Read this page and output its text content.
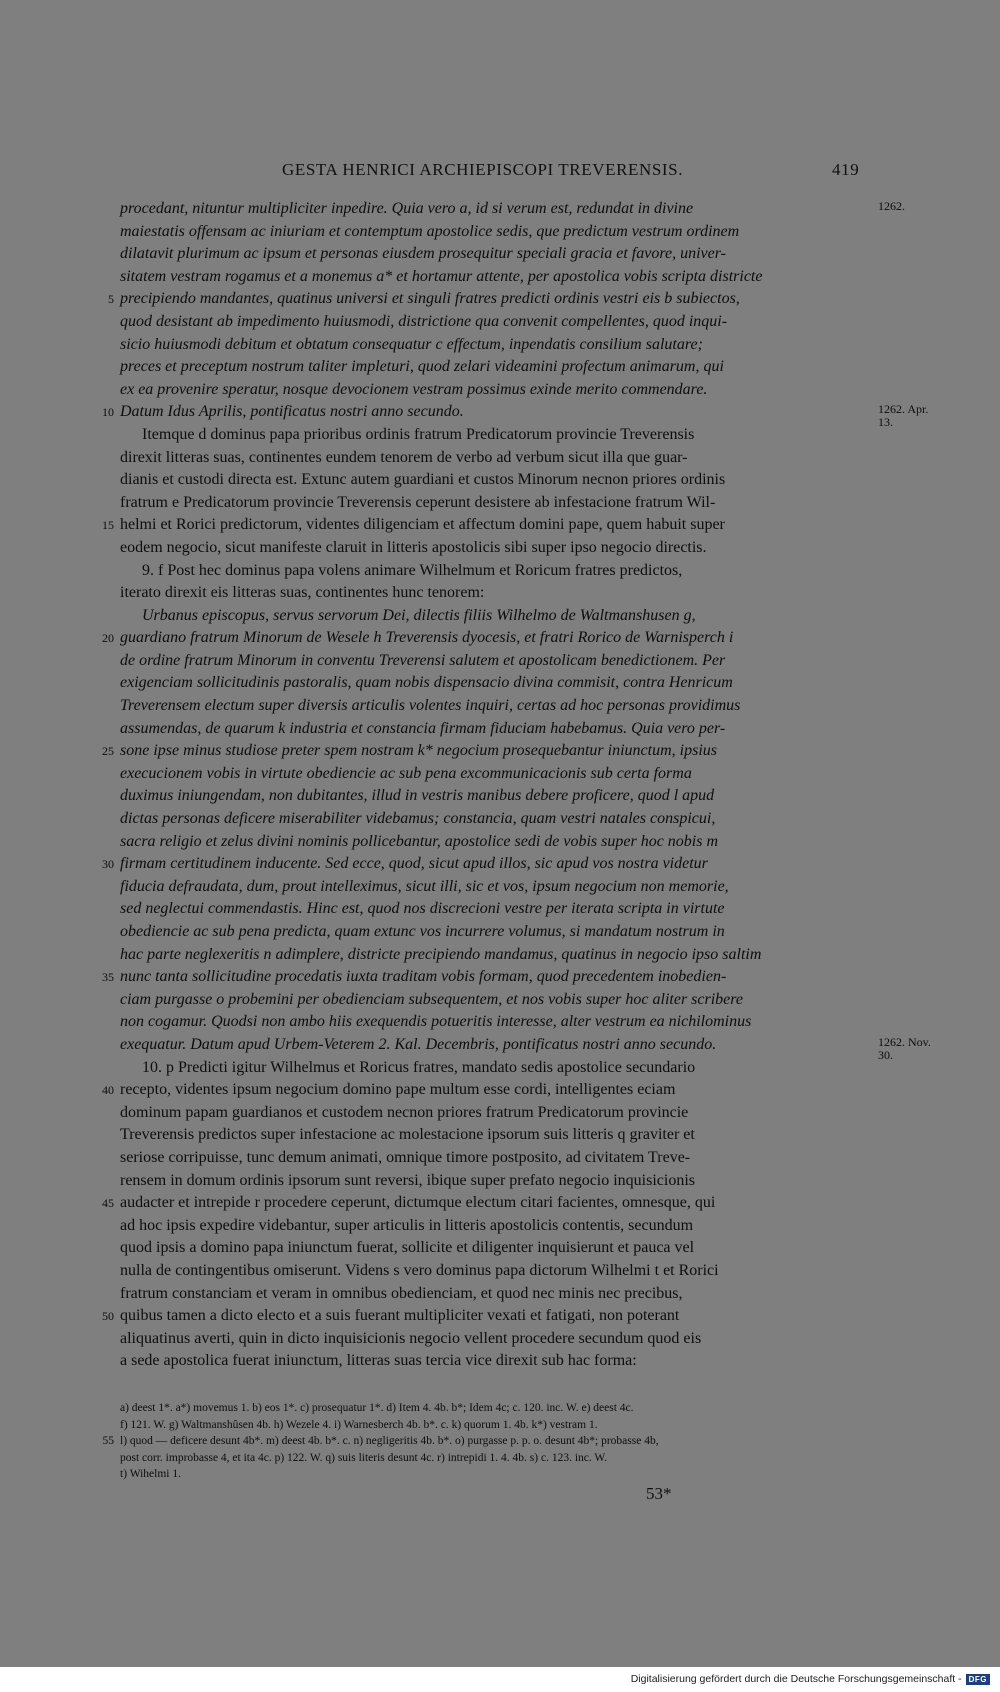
GESTA HENRICI ARCHIEPISCOPI TREVERENSIS.	419
procedant, nituntur multipliciter inpedire. Quia vero a, id si verum est, redundat in divine	1262.
maiestatis offensam ac iniuriam et contemptum apostolice sedis, que predictum vestrum ordinem
dilatavit plurimum ac ipsum et personas eiusdem prosequitur speciali gracia et favore, univer-
sitatem vestram rogamus et a monemus a* et hortamur attente, per apostolica vobis scripta districte
5 precipiendo mandantes, quatinus universi et singuli fratres predicti ordinis vestri eis b subiectos,
quod desistant ab impedimento huiusmodi, districtione qua convenit compellentes, quod inqui-
sicio huiusmodi debitum et obtatum consequatur c effectum, inpendatis consilium salutare;
preces et preceptum nostrum taliter impleturi, quod zelari videamini profectum animarum, qui
ex ea provenire speratur, nosque devocionem vestram possimus exinde merito commendare.
10 Datum Idus Aprilis, pontificatus nostri anno secundo.	1262. Apr. 13.
Itemque d dominus papa prioribus ordinis fratrum Predicatorum provincie Treverensis
direxit litteras suas, continentes eundem tenorem de verbo ad verbum sicut illa que guar-
dianis et custodi directa est. Extunc autem guardiani et custos Minorum necnon priores ordinis
fratrum e Predicatorum provincie Treverensis ceperunt desistere ab infestacione fratrum Wil-
15 helmi et Rorici predictorum, videntes diligenciam et affectum domini pape, quem habuit super
eodem negocio, sicut manifeste claruit in litteris apostolicis sibi super ipso negocio directis.
9. f Post hec dominus papa volens animare Wilhelmum et Roricum fratres predictos,
iterato direxit eis litteras suas, continentes hunc tenorem:
Urbanus episcopus, servus servorum Dei, dilectis filiis Wilhelmo de Waltmanshusen g,
20 guardiano fratrum Minorum de Wesele h Treverensis dyocesis, et fratri Rorico de Warnisperch i
de ordine fratrum Minorum in conventu Treverensi salutem et apostolicam benedictionem. Per
exigenciam sollicitudinis pastoralis, quam nobis dispensacio divina commisit, contra Henricum
Treverensem electum super diversis articulis volentes inquiri, certas ad hoc personas providimus
assumendas, de quarum k industria et constancia firmam fiduciam habebamus. Quia vero per-
25 sone ipse minus studiose preter spem nostram k* negocium prosequebantur iniunctum, ipsius
execucionem vobis in virtute obediencie ac sub pena excommunicacionis sub certa forma
duximus iniungendam, non dubitantes, illud in vestris manibus debere proficere, quod l apud
dictas personas deficere miserabiliter videbamus; constancia, quam vestri natales conspicui,
sacra religio et zelus divini nominis pollicebantur, apostolice sedi de vobis super hoc nobis m
30 firmam certitudinem inducente. Sed ecce, quod, sicut apud illos, sic apud vos nostra videtur
fiducia defraudata, dum, prout intelleximus, sicut illi, sic et vos, ipsum negocium non memorie,
sed neglectui commendastis. Hinc est, quod nos discrecioni vestre per iterata scripta in virtute
obediencie ac sub pena predicta, quam extunc vos incurrere volumus, si mandatum nostrum in
hac parte neglexeritis n adimplere, districte precipiendo mandamus, quatinus in negocio ipso saltim
35 nunc tanta sollicitudine procedatis iuxta traditam vobis formam, quod precedentem inobedien-
ciam purgasse o probemini per obedienciam subsequentem, et nos vobis super hoc aliter scribere
non cogamur. Quodsi non ambo hiis exequendis potueritis interesse, alter vestrum ea nichilominus
exequatur. Datum apud Urbem-Veterem 2. Kal. Decembris, pontificatus nostri anno secundo.	1262. Nov. 30.
10. p Predicti igitur Wilhelmus et Roricus fratres, mandato sedis apostolice secundario
40 recepto, videntes ipsum negocium domino pape multum esse cordi, intelligentes eciam
dominum papam guardianos et custodem necnon priores fratrum Predicatorum provincie
Treverensis predictos super infestacione ac molestacione ipsorum suis litteris q graviter et
seriose corripuisse, tunc demum animati, omnique timore postposito, ad civitatem Treve-
rensem in domum ordinis ipsorum sunt reversi, ibique super prefato negocio inquisicionis
45 audacter et intrepide r procedere ceperunt, dictumque electum citari facientes, omnesque, qui
ad hoc ipsis expedire videbantur, super articulis in litteris apostolicis contentis, secundum
quod ipsis a domino papa iniunctum fuerat, sollicite et diligenter inquisierunt et pauca vel
nulla de contingentibus omiserunt. Videns s vero dominus papa dictorum Wilhelmi t et Rorici
fratrum constanciam et veram in omnibus obedienciam, et quod nec minis nec precibus,
50 quibus tamen a dicto electo et a suis fuerant multipliciter vexati et fatigati, non poterant
aliquatinus averti, quin in dicto inquisicionis negocio vellent procedere secundum quod eis
a sede apostolica fuerat iniunctum, litteras suas tercia vice direxit sub hac forma:
a) deest 1*. a*) movemus 1. b) eos 1*. c) prosequatur 1*. d) Item 4. 4b. b*; Idem 4c; c. 120. inc. W. e) deest 4c.
f) 121. W. g) Waltmanshûsen 4b. h) Wezele 4. i) Warnesberch 4b. b*. c. k) quorum 1. 4b. k*) vestram 1.
55 l) quod — deficere desunt 4b*. m) deest 4b. b*. c. n) negligeritis 4b. b*. o) purgasse p. p. o. desunt 4b*; probasse 4b,
post corr. improbasse 4, et ita 4c. p) 122. W. q) suis literis desunt 4c. r) intrepidi 1. 4. 4b. s) c. 123. inc. W.
t) Wihelmi 1.
53*
Digitalisierung gefördert durch die Deutsche Forschungsgemeinschaft - DFG
